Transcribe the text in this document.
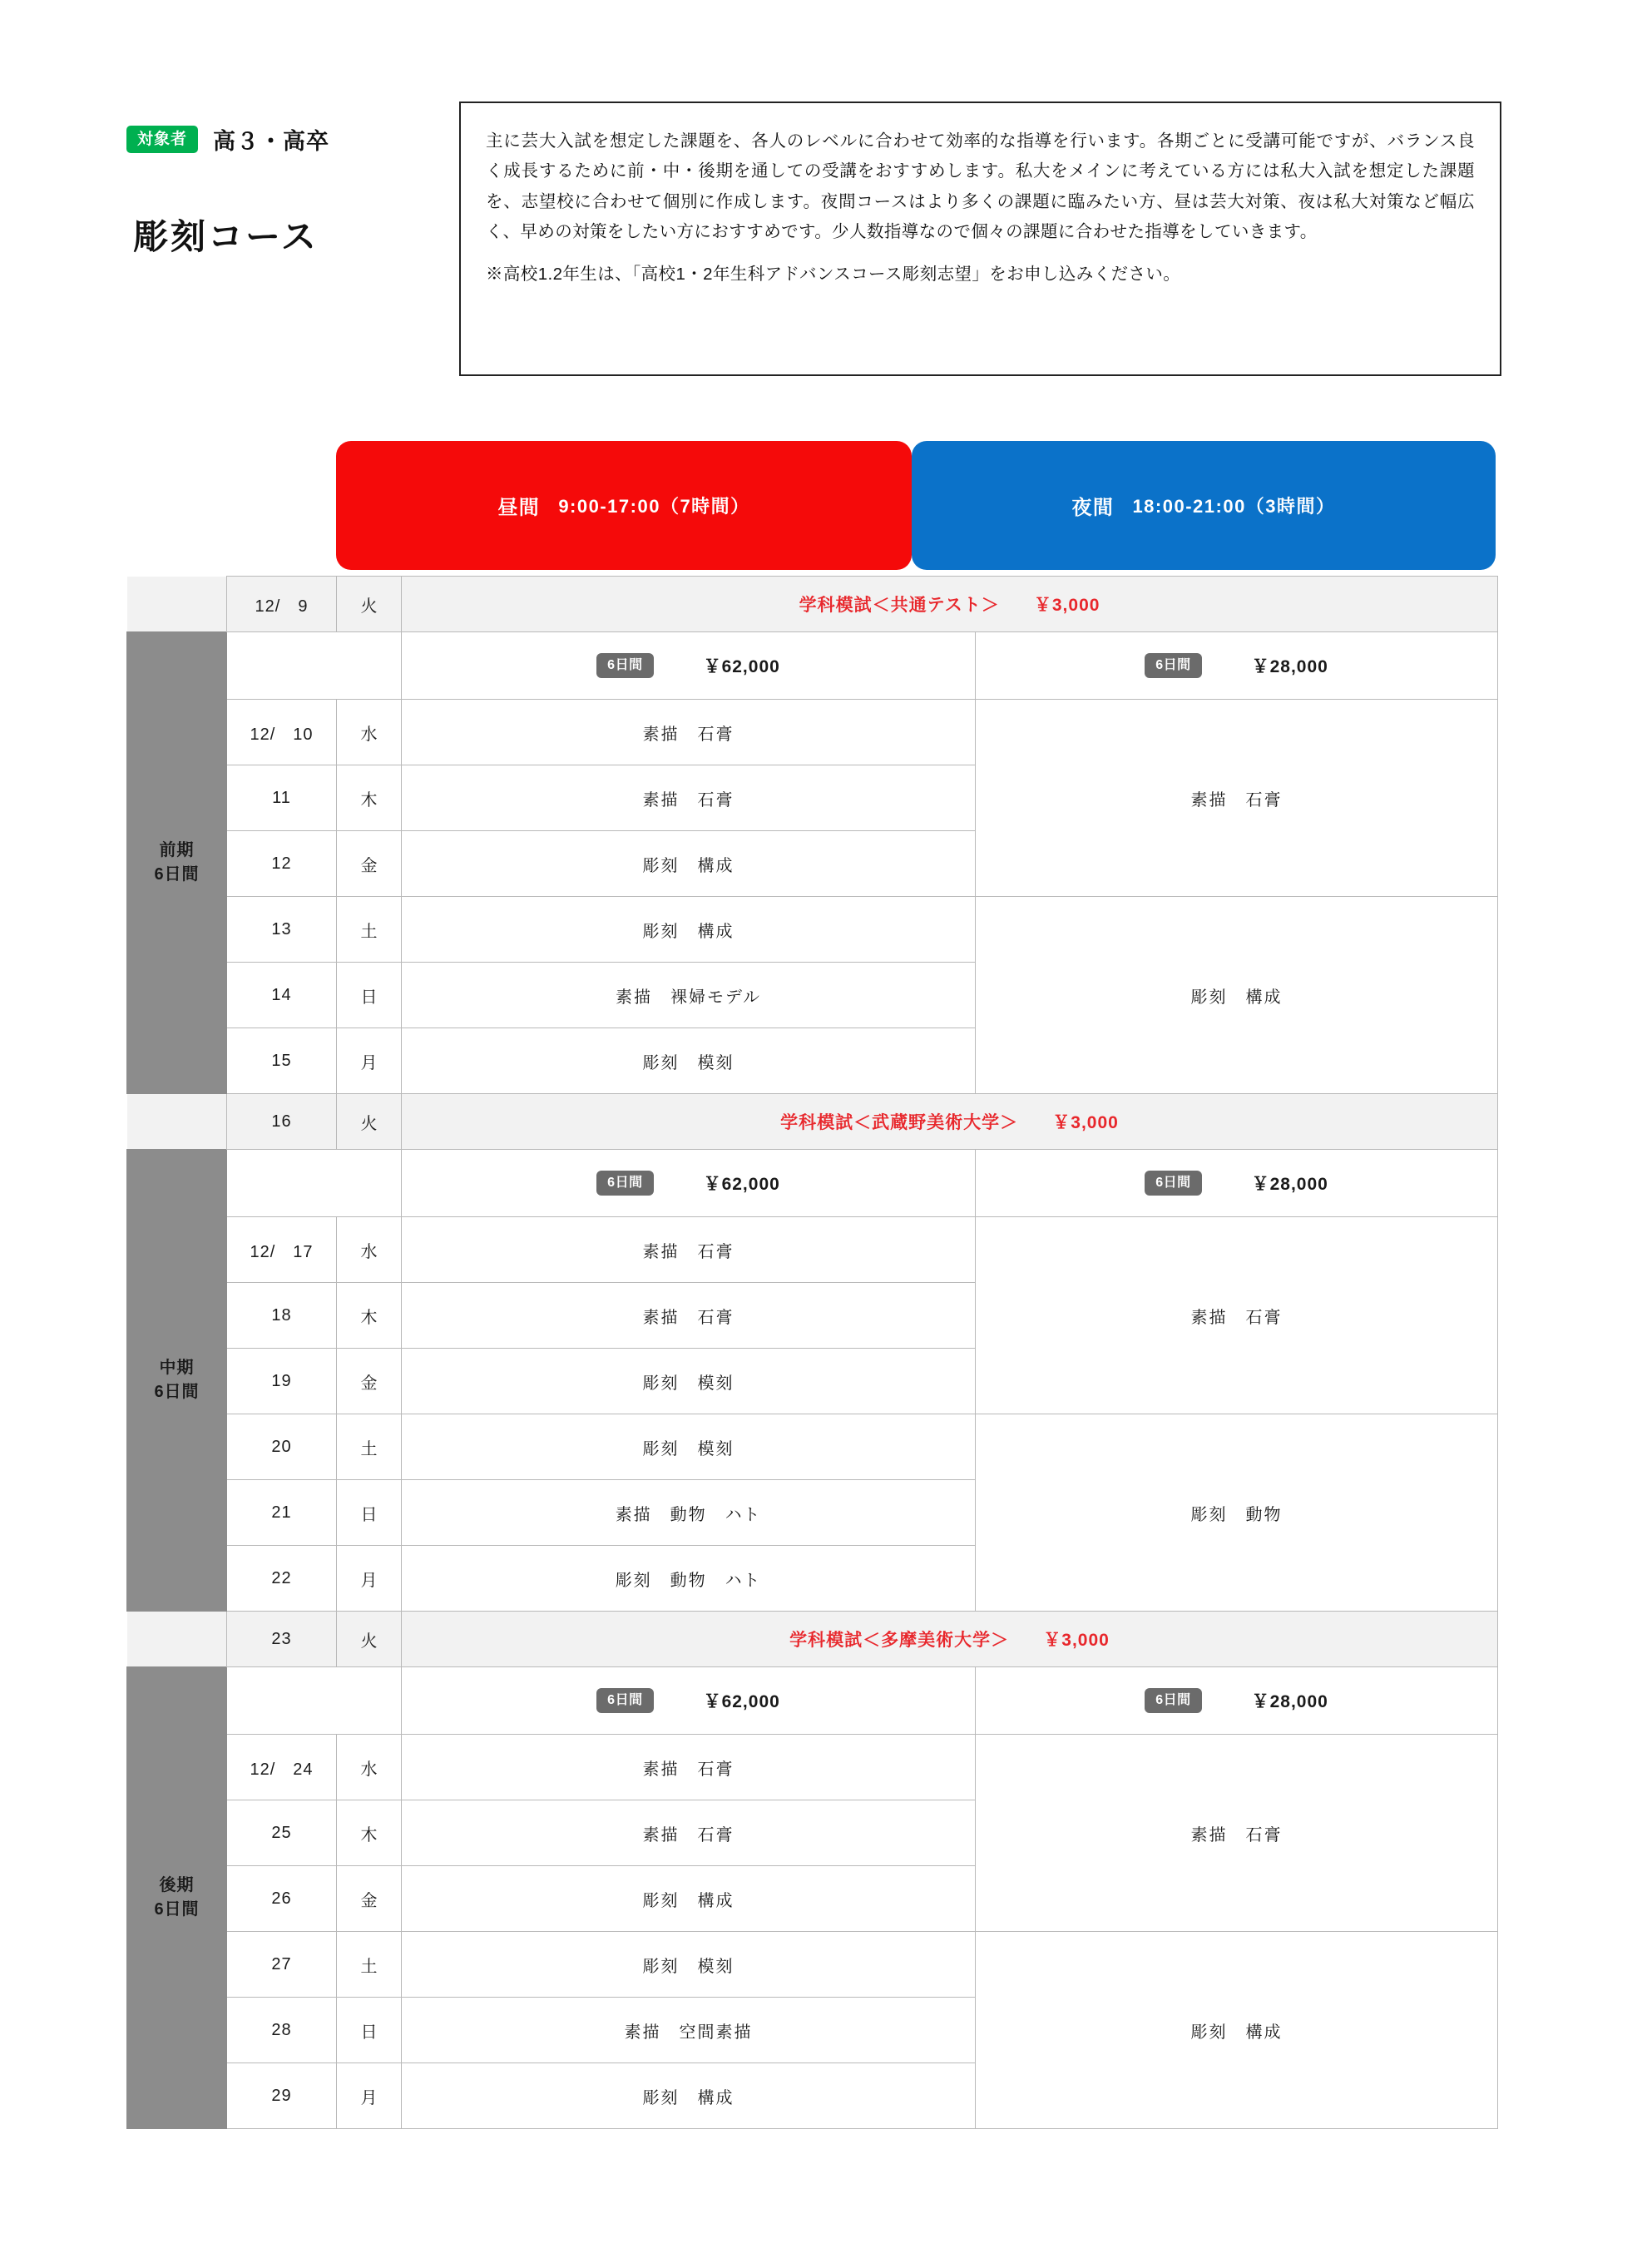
対象者	高３・高卒
彫刻コース

主に芸大入試を想定した課題を、各人のレベルに合わせて効率的な指導を行います。各期ごとに受講可能ですが、バランス良く成長するために前・中・後期を通しての受講をおすすめします。私大をメインに考えている方には私大入試を想定した課題を、志望校に合わせて個別に作成します。夜間コースはより多くの課題に臨みたい方、昼は芸大対策、夜は私大対策など幅広く、早めの対策をしたい方におすすめです。少人数指導なので個々の課題に合わせた指導をしていきます。

※高校1.2年生は、「高校1・2年生科アドバンスコース彫刻志望」をお申し込みください。

昼間 9:00-17:00（7時間）	夜間 18:00-21:00（3時間）
	12/　9	火	学科模試＜共通テスト＞ ￥3,000	

前期
6日間

6日間	￥62,000	6日間	￥28,000

	12/　10	水	素描　石膏	素描　石膏
	11	木	素描　石膏	
	12	金	彫刻　構成	
	13	土	彫刻　構成	彫刻　構成
	14	日	素描　裸婦モデル	
	15	月	彫刻　模刻	
	16	火	学科模試＜武蔵野美術大学＞ ￥3,000	

中期
6日間

6日間	￥62,000	6日間	￥28,000

	12/　17	水	素描　石膏	素描　石膏
	18	木	素描　石膏	
	19	金	彫刻　模刻	
	20	土	彫刻　模刻	彫刻　動物
	21	日	素描　動物　ハト	
	22	月	彫刻　動物　ハト	
	23	火	学科模試＜多摩美術大学＞ ￥3,000	

後期
6日間

6日間	￥62,000	6日間	￥28,000

	12/　24	水	素描　石膏	素描　石膏
	25	木	素描　石膏	
	26	金	彫刻　構成	
	27	土	彫刻　模刻	彫刻　構成
	28	日	素描　空間素描	
	29	月	彫刻　構成	
